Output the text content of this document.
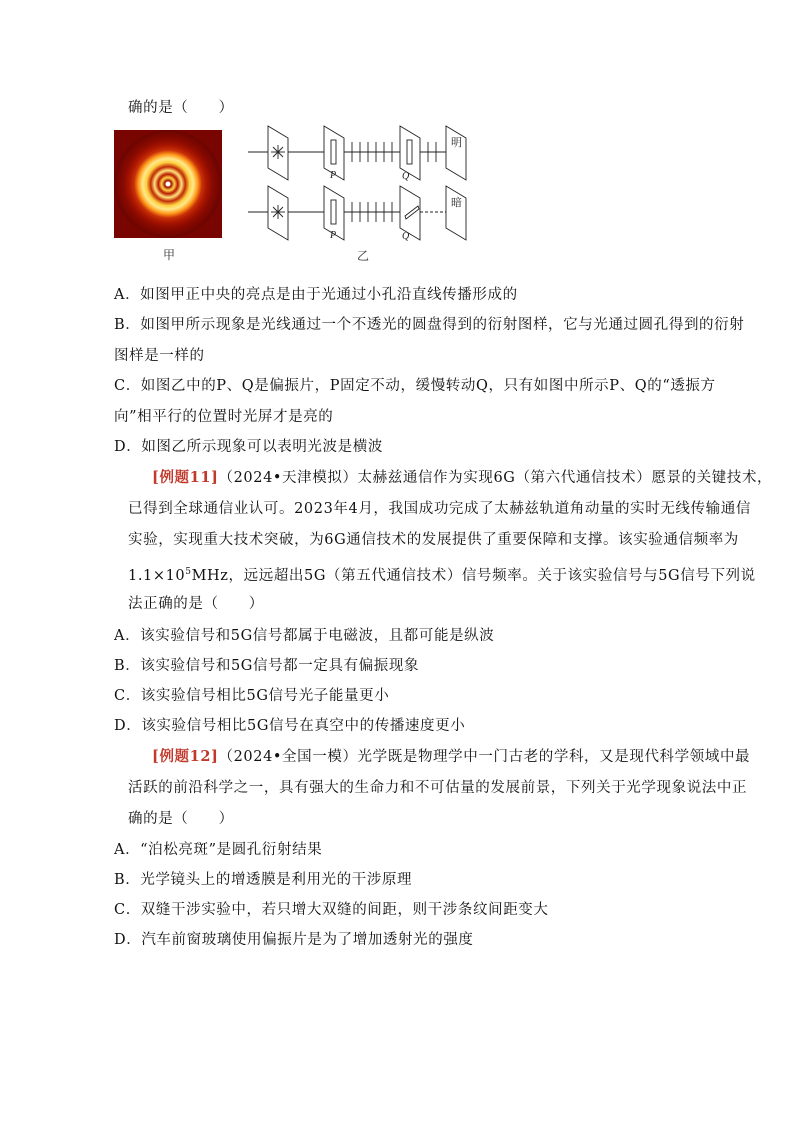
确的是（　　）
甲
P	Q
明
P	Q
暗
乙
A．如图甲正中央的亮点是由于光通过小孔沿直线传播形成的
B．如图甲所示现象是光线通过一个不透光的圆盘得到的衍射图样，它与光通过圆孔得到的衍射
图样是一样的
C．如图乙中的P、Q是偏振片，P固定不动，缓慢转动Q，只有如图中所示P、Q的“透振方
向”相平行的位置时光屏才是亮的
D．如图乙所示现象可以表明光波是横波
[例题11]（2024•天津模拟）太赫兹通信作为实现6G（第六代通信技术）愿景的关键技术，
已得到全球通信业认可。2023年4月，我国成功完成了太赫兹轨道角动量的实时无线传输通信
实验，实现重大技术突破，为6G通信技术的发展提供了重要保障和支撑。该实验通信频率为
$1.1\times 10^5MHz$，远远超出5G（第五代通信技术）信号频率。关于该实验信号与5G信号下列说
法正确的是（　　）
A．该实验信号和5G信号都属于电磁波，且都可能是纵波
B．该实验信号和5G信号都一定具有偏振现象
C．该实验信号相比5G信号光子能量更小
D．该实验信号相比5G信号在真空中的传播速度更小
[例题12]（2024•全国一模）光学既是物理学中一门古老的学科，又是现代科学领域中最
活跃的前沿科学之一，具有强大的生命力和不可估量的发展前景，下列关于光学现象说法中正
确的是（　　）
A．“泊松亮斑”是圆孔衍射结果
B．光学镜头上的增透膜是利用光的干涉原理
C．双缝干涉实验中，若只增大双缝的间距，则干涉条纹间距变大
D．汽车前窗玻璃使用偏振片是为了增加透射光的强度
